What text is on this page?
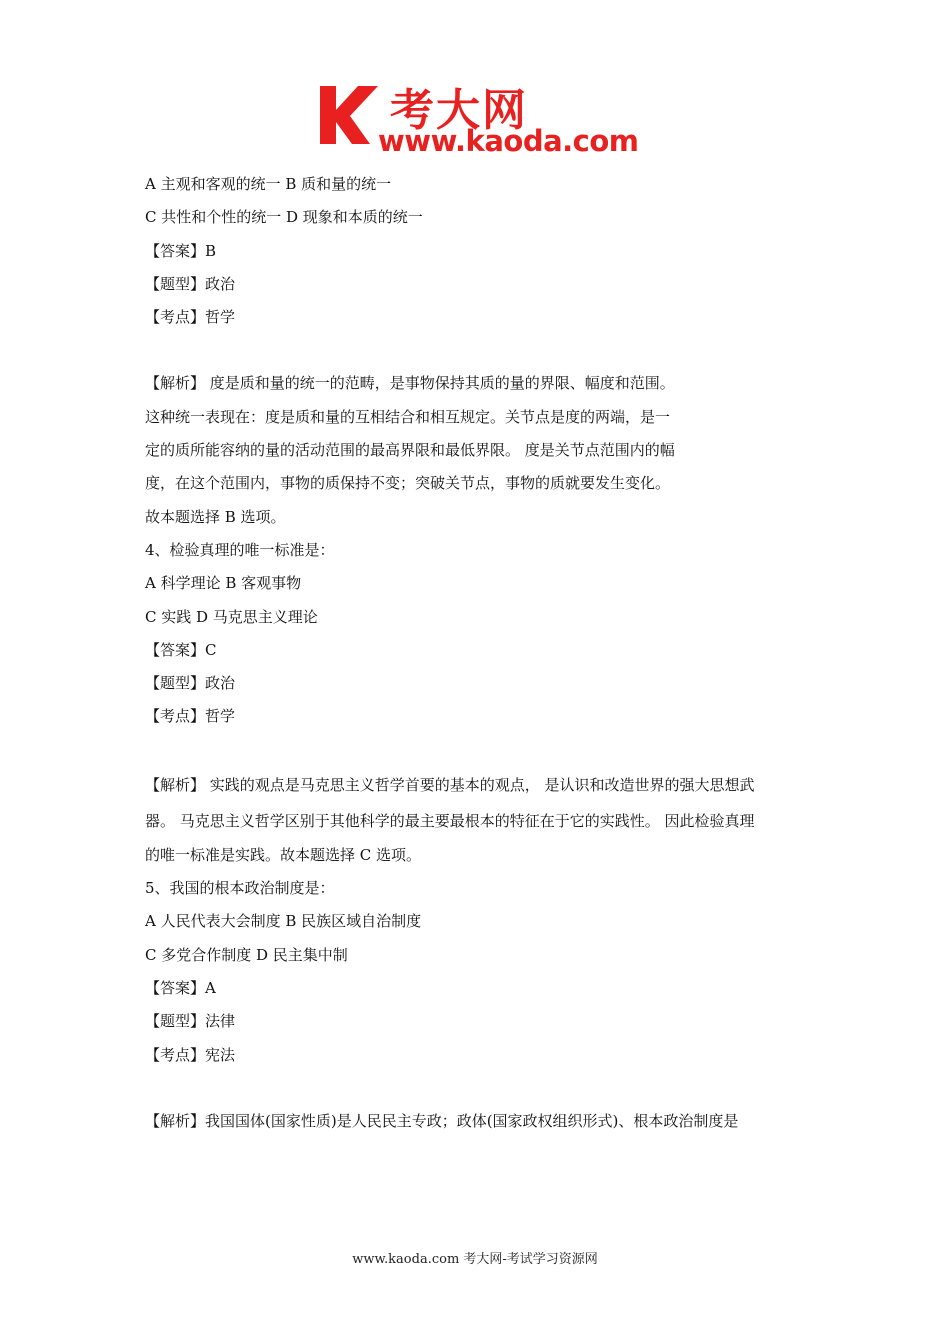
考大网
www.kaoda.com
A 主观和客观的统一 B 质和量的统一
C 共性和个性的统一 D 现象和本质的统一
【答案】B
【题型】政治
【考点】哲学
【解析】 度是质和量的统一的范畴，是事物保持其质的量的界限、幅度和范围。
这种统一表现在：度是质和量的互相结合和相互规定。关节点是度的两端，是一
定的质所能容纳的量的活动范围的最高界限和最低界限。 度是关节点范围内的幅
度，在这个范围内，事物的质保持不变；突破关节点，事物的质就要发生变化。
故本题选择 B 选项。
4、检验真理的唯一标准是：
A 科学理论 B 客观事物
C 实践 D 马克思主义理论
【答案】C
【题型】政治
【考点】哲学
【解析】 实践的观点是马克思主义哲学首要的基本的观点， 是认识和改造世界的强大思想武
器。 马克思主义哲学区别于其他科学的最主要最根本的特征在于它的实践性。 因此检验真理
的唯一标准是实践。故本题选择 C 选项。
5、我国的根本政治制度是：
A 人民代表大会制度 B 民族区域自治制度
C 多党合作制度 D 民主集中制
【答案】A
【题型】法律
【考点】宪法
【解析】我国国体(国家性质)是人民民主专政；政体(国家政权组织形式)、根本政治制度是
www.kaoda.com 考大网-考试学习资源网
